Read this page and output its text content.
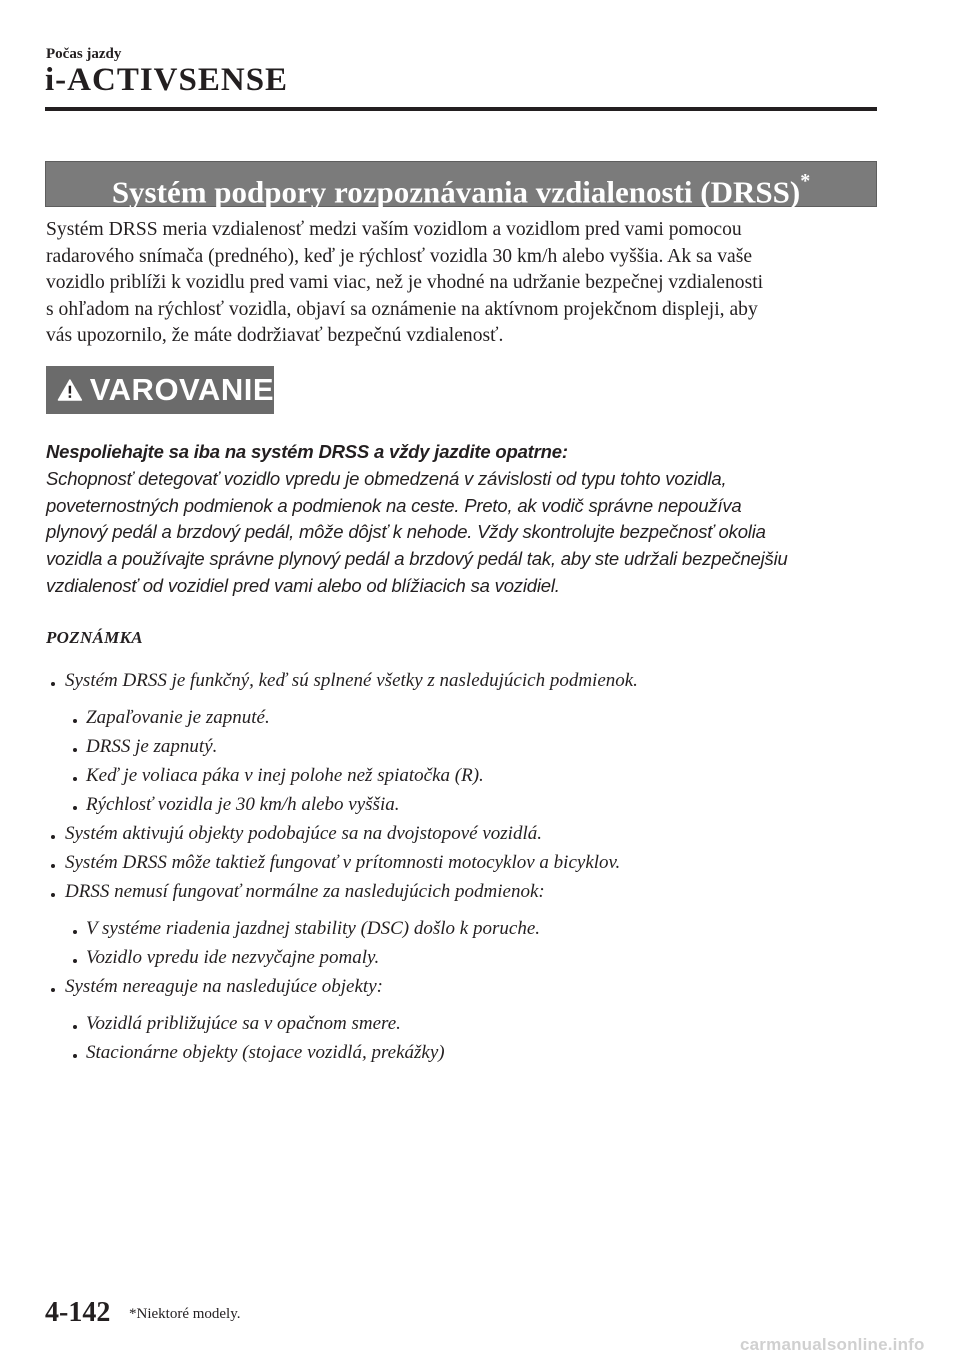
Počas jazdy
i-ACTIVSENSE
Systém podpory rozpoznávania vzdialenosti (DRSS)*
Systém DRSS meria vzdialenosť medzi vaším vozidlom a vozidlom pred vami pomocou
radarového snímača (predného), keď je rýchlosť vozidla 30 km/h alebo vyššia. Ak sa vaše
vozidlo priblíži k vozidlu pred vami viac, než je vhodné na udržanie bezpečnej vzdialenosti
s ohľadom na rýchlosť vozidla, objaví sa oznámenie na aktívnom projekčnom displeji, aby
vás upozornilo, že máte dodržiavať bezpečnú vzdialenosť.
VAROVANIE
Nespoliehajte sa iba na systém DRSS a vždy jazdite opatrne:
Schopnosť detegovať vozidlo vpredu je obmedzená v závislosti od typu tohto vozidla,
poveternostných podmienok a podmienok na ceste. Preto, ak vodič správne nepoužíva
plynový pedál a brzdový pedál, môže dôjsť k nehode. Vždy skontrolujte bezpečnosť okolia
vozidla a používajte správne plynový pedál a brzdový pedál tak, aby ste udržali bezpečnejšiu
vzdialenosť od vozidiel pred vami alebo od blížiacich sa vozidiel.
POZNÁMKA
Systém DRSS je funkčný, keď sú splnené všetky z nasledujúcich podmienok.
Zapaľovanie je zapnuté.
DRSS je zapnutý.
Keď je voliaca páka v inej polohe než spiatočka (R).
Rýchlosť vozidla je 30 km/h alebo vyššia.
Systém aktivujú objekty podobajúce sa na dvojstopové vozidlá.
Systém DRSS môže taktiež fungovať v prítomnosti motocyklov a bicyklov.
DRSS nemusí fungovať normálne za nasledujúcich podmienok:
V systéme riadenia jazdnej stability (DSC) došlo k poruche.
Vozidlo vpredu ide nezvyčajne pomaly.
Systém nereaguje na nasledujúce objekty:
Vozidlá približujúce sa v opačnom smere.
Stacionárne objekty (stojace vozidlá, prekážky)
4-142 *Niektoré modely.
carmanualsonline.info
